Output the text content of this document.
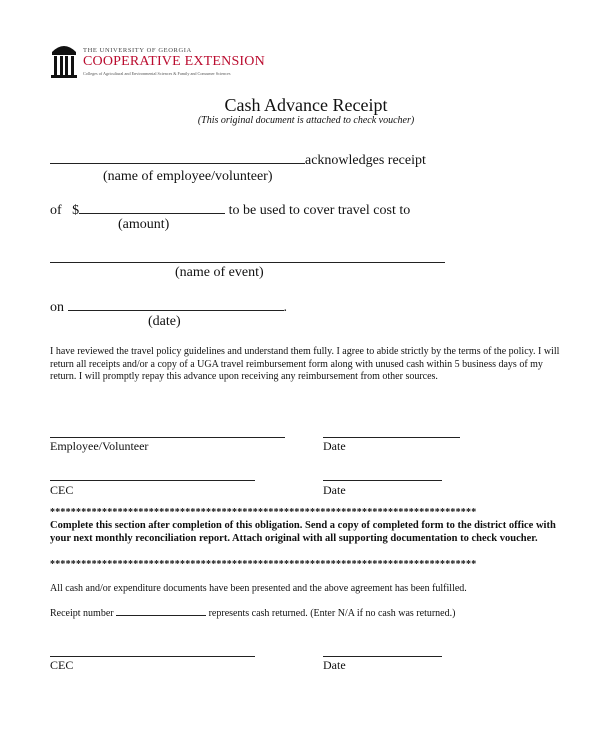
THE UNIVERSITY OF GEORGIA
COOPERATIVE EXTENSION
Colleges of Agricultural and Environmental Sciences & Family and Consumer Sciences
Cash Advance Receipt
(This original document is attached to check voucher)
acknowledges receipt
(name of employee/volunteer)
of   $	to be used to cover travel cost to
(amount)
(name of event)
on	.
(date)
I have reviewed the travel policy guidelines and understand them fully. I agree to abide strictly by the terms of the policy. I will return all receipts and/or a copy of a UGA travel reimbursement form along with unused cash within 5 business days of my return. I will promptly repay this advance upon receiving any reimbursement from other sources.
Employee/Volunteer	Date
CEC	Date
**********************************************************************************
Complete this section after completion of this obligation. Send a copy of completed form to the district office with your next monthly reconciliation report. Attach original with all supporting documentation to check voucher.
**********************************************************************************
All cash and/or expenditure documents have been presented and the above agreement has been fulfilled.
Receipt number	represents cash returned. (Enter N/A if no cash was returned.)
CEC	Date
